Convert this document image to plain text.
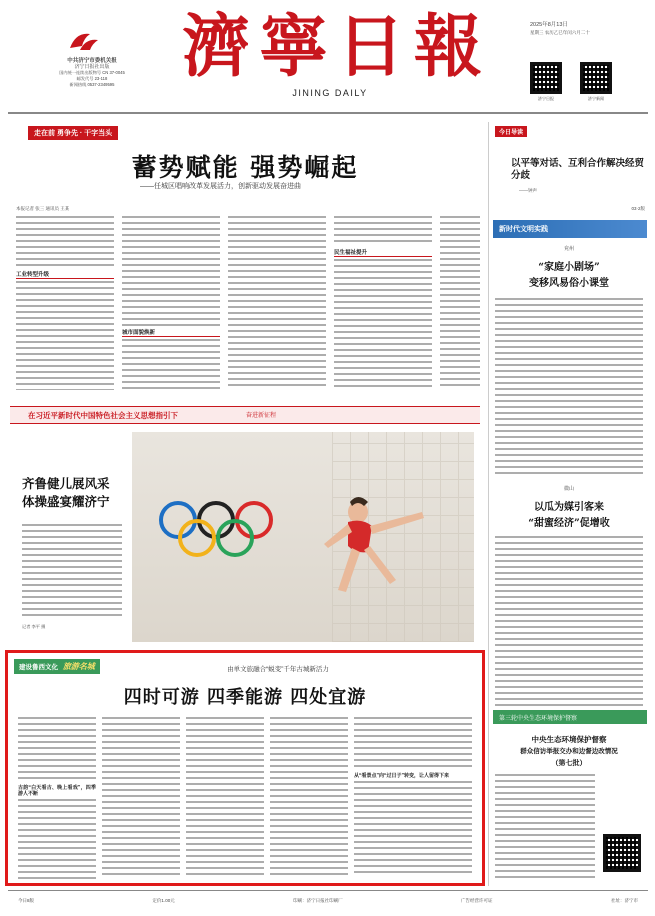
中共济宁市委机关报
济宁日报社出版
国内统一连续出版物号 CN 37-0045
邮发代号 23-118
新闻热线 0537-2349595 濟 寧 日 報
JINING DAILY
2025年8月13日
星期三 农历乙巳年闰六月二十
济宁日报	济宁新闻
走在前 勇争先 · 干字当头
蓄势赋能 强势崛起
——任城区唱响改革发展活力，创新驱动发展奋进曲
本报记者 张三 通讯员 王某
工业转型升级
城市面貌焕新
民生福祉提升
在习近平新时代中国特色社会主义思想指引下	奋进新征程
齐鲁健儿展风采
体操盛宴耀济宁
记者 李平 摄
建设鲁西文化 旅游名城	由单文旅融合“蜕变”千年古城新活力
四时可游 四季能游 四处宜游
古韵“白天看古、晚上看戏”，四季游人不断
从“看景点”向“过日子”转变，让人留得下来
今日导读
以平等对话、互利合作解决经贸分歧
——钟声
03·2版
新时代文明实践
兖州
“家庭小剧场”
变移风易俗小课堂
微山
以瓜为媒引客来
“甜蜜经济”促增收
第三轮中央生态环境保护督察
中央生态环境保护督察
群众信访举报交办和边督边改情况
（第七批）
今日8版	定价1.00元	印刷：济宁日报社印刷厂	广告经营许可证	社址：济宁市
